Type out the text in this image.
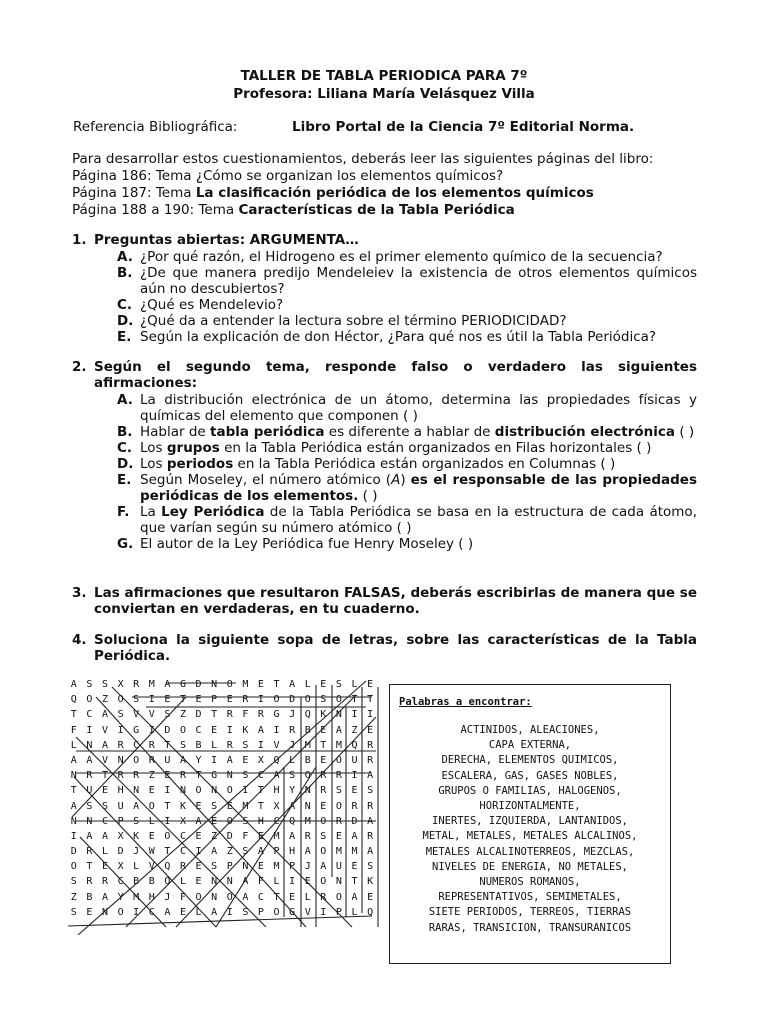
TALLER DE TABLA PERIODICA PARA 7º
Profesora: Liliana María Velásquez Villa
Referencia Bibliográfica:	Libro Portal de la Ciencia 7º Editorial Norma.
Para desarrollar estos cuestionamientos, deberás leer las siguientes páginas del libro:
Página 186: Tema ¿Cómo se organizan los elementos químicos?
Página 187: Tema La clasificación periódica de los elementos químicos
Página 188 a 190: Tema Características de la Tabla Periódica
1. Preguntas abiertas: ARGUMENTA…
A. ¿Por qué razón, el Hidrogeno es el primer elemento químico de la secuencia?
B. ¿De que manera predijo Mendeleiev la existencia de otros elementos químicos aún no descubiertos?
C. ¿Qué es Mendelevio?
D. ¿Qué da a entender la lectura sobre el término PERIODICIDAD?
E. Según la explicación de don Héctor, ¿Para qué nos es útil la Tabla Periódica?
2. Según el segundo tema, responde falso o verdadero las siguientes afirmaciones:
A. La distribución electrónica de un átomo, determina las propiedades físicas y químicas del elemento que componen ( )
B. Hablar de tabla periódica es diferente a hablar de distribución electrónica ( )
C. Los grupos en la Tabla Periódica están organizados en Filas horizontales ( )
D. Los periodos en la Tabla Periódica están organizados en Columnas ( )
E. Según Moseley, el número atómico (A) es el responsable de las propiedades periódicas de los elementos. ( )
F. La Ley Periódica de la Tabla Periódica se basa en la estructura de cada átomo, que varían según su número atómico ( )
G. El autor de la Ley Periódica fue Henry Moseley ( )
3. Las afirmaciones que resultaron FALSAS, deberás escribirlas de manera que se conviertan en verdaderas, en tu cuaderno.
4. Soluciona la siguiente sopa de letras, sobre las características de la Tabla Periódica.
A S S X R M A G D N O M E T A L E S L E
Q O Z O S I E T E P E R I O D O S O T T
T C A S V V S Z D T R F R G J Q K N I I
F I V I G I D O C E I K A I R B E A Z E
L N A R C R T S B L R S I V J M T M Q R
A A V N O R U A Y I A E X Q L B E O U R
N R T R R Z E R T G N S C A S O R R I A
T U E H N E I N O N O I T H Y N R S E S
A S S U A O T K E S E M T X A N E O R R
N N C P S L I X A E O S H C Q M O R D A
I A A X K E O C E Z D F E M A R S E A R
D R L D J W T C I A Z S A P H A O M M A
O T E X L V Q R E S P N E M P J A U E S
S R R C B B O L E N N A F L I E O N T K
Z B A Y M H J F O N O A C T E L R O A E
S E N O I C A E L A I S P O G V I P L Q
Palabras a encontrar:
ACTINIDOS, ALEACIONES,
CAPA EXTERNA,
DERECHA, ELEMENTOS QUIMICOS,
ESCALERA, GAS, GASES NOBLES,
GRUPOS O FAMILIAS, HALOGENOS,
HORIZONTALMENTE,
INERTES, IZQUIERDA, LANTANIDOS,
METAL, METALES, METALES ALCALINOS,
METALES ALCALINOTERREOS, MEZCLAS,
NIVELES DE ENERGIA, NO METALES,
NUMEROS ROMANOS,
REPRESENTATIVOS, SEMIMETALES,
SIETE PERIODOS, TERREOS, TIERRAS
RARAS, TRANSICION, TRANSURANICOS
